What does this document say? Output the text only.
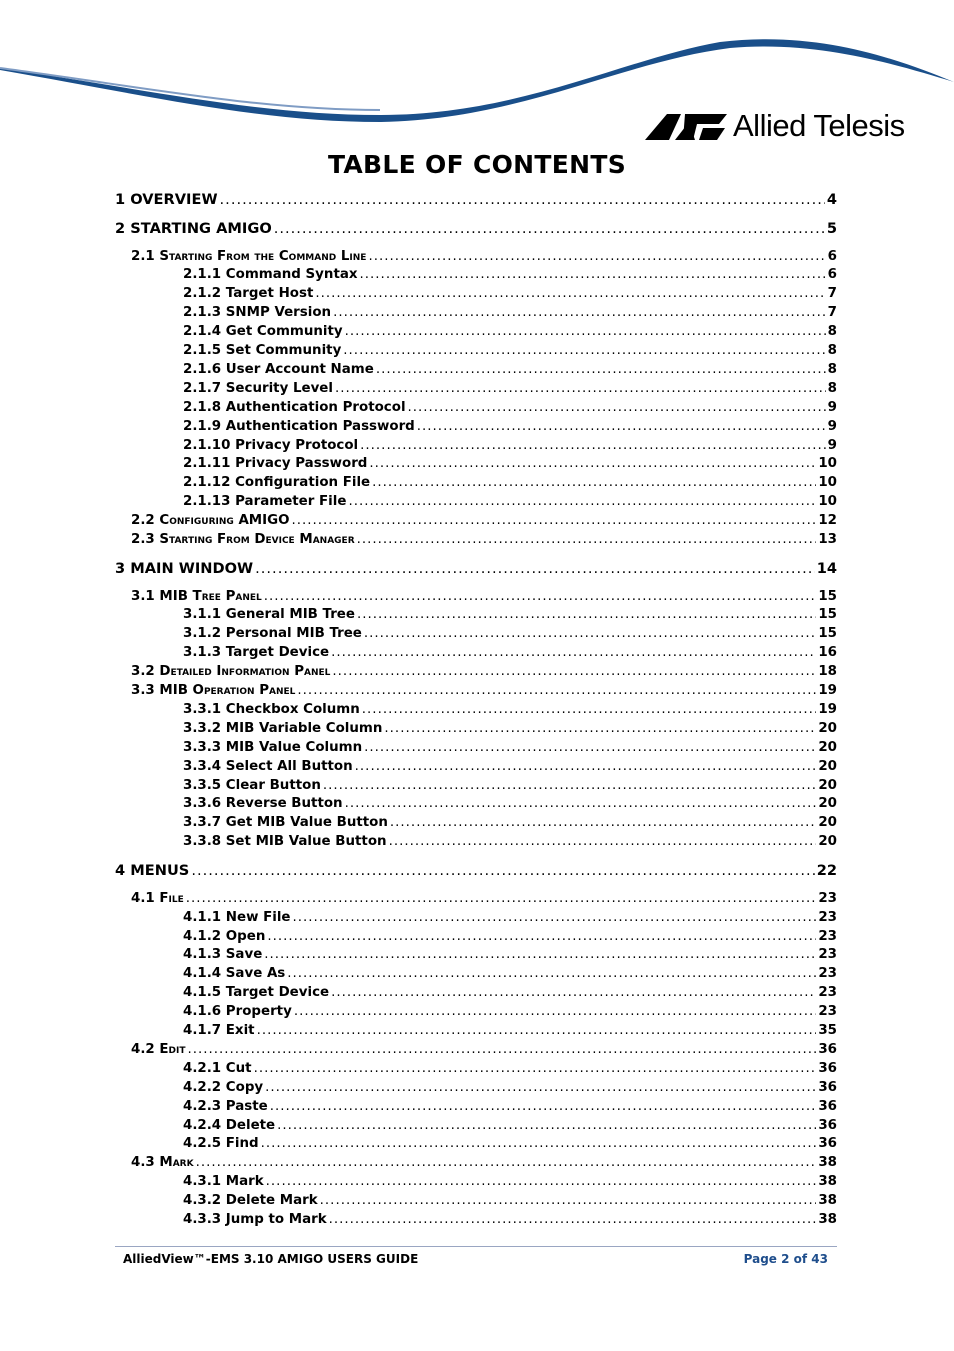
Allied Telesis
TABLE OF CONTENTS
1 OVERVIEW .....	4
2 STARTING AMIGO .....	5
2.1 Starting From the Command Line .....	6
2.1.1 Command Syntax .....	6
2.1.2 Target Host .....	7
2.1.3 SNMP Version .....	7
2.1.4 Get Community .....	8
2.1.5 Set Community .....	8
2.1.6 User Account Name .....	8
2.1.7 Security Level .....	8
2.1.8 Authentication Protocol .....	9
2.1.9 Authentication Password .....	9
2.1.10 Privacy Protocol .....	9
2.1.11 Privacy Password .....	10
2.1.12 Configuration File .....	10
2.1.13 Parameter File .....	10
2.2 Configuring AMIGO .....	12
2.3 Starting From Device Manager .....	13
3 MAIN WINDOW .....	14
3.1 MIB Tree Panel .....	15
3.1.1 General MIB Tree .....	15
3.1.2 Personal MIB Tree .....	15
3.1.3 Target Device .....	16
3.2 Detailed Information Panel .....	18
3.3 MIB Operation Panel .....	19
3.3.1 Checkbox Column .....	19
3.3.2 MIB Variable Column .....	20
3.3.3 MIB Value Column .....	20
3.3.4 Select All Button .....	20
3.3.5 Clear Button .....	20
3.3.6 Reverse Button .....	20
3.3.7 Get MIB Value Button .....	20
3.3.8 Set MIB Value Button .....	20
4 MENUS .....	22
4.1 File .....	23
4.1.1 New File .....	23
4.1.2 Open .....	23
4.1.3 Save .....	23
4.1.4 Save As .....	23
4.1.5 Target Device .....	23
4.1.6 Property .....	23
4.1.7 Exit .....	35
4.2 Edit .....	36
4.2.1 Cut .....	36
4.2.2 Copy .....	36
4.2.3 Paste .....	36
4.2.4 Delete .....	36
4.2.5 Find .....	36
4.3 Mark .....	38
4.3.1 Mark .....	38
4.3.2 Delete Mark .....	38
4.3.3 Jump to Mark .....	38
AlliedView™-EMS 3.10 AMIGO USERS GUIDE	Page 2 of 43
